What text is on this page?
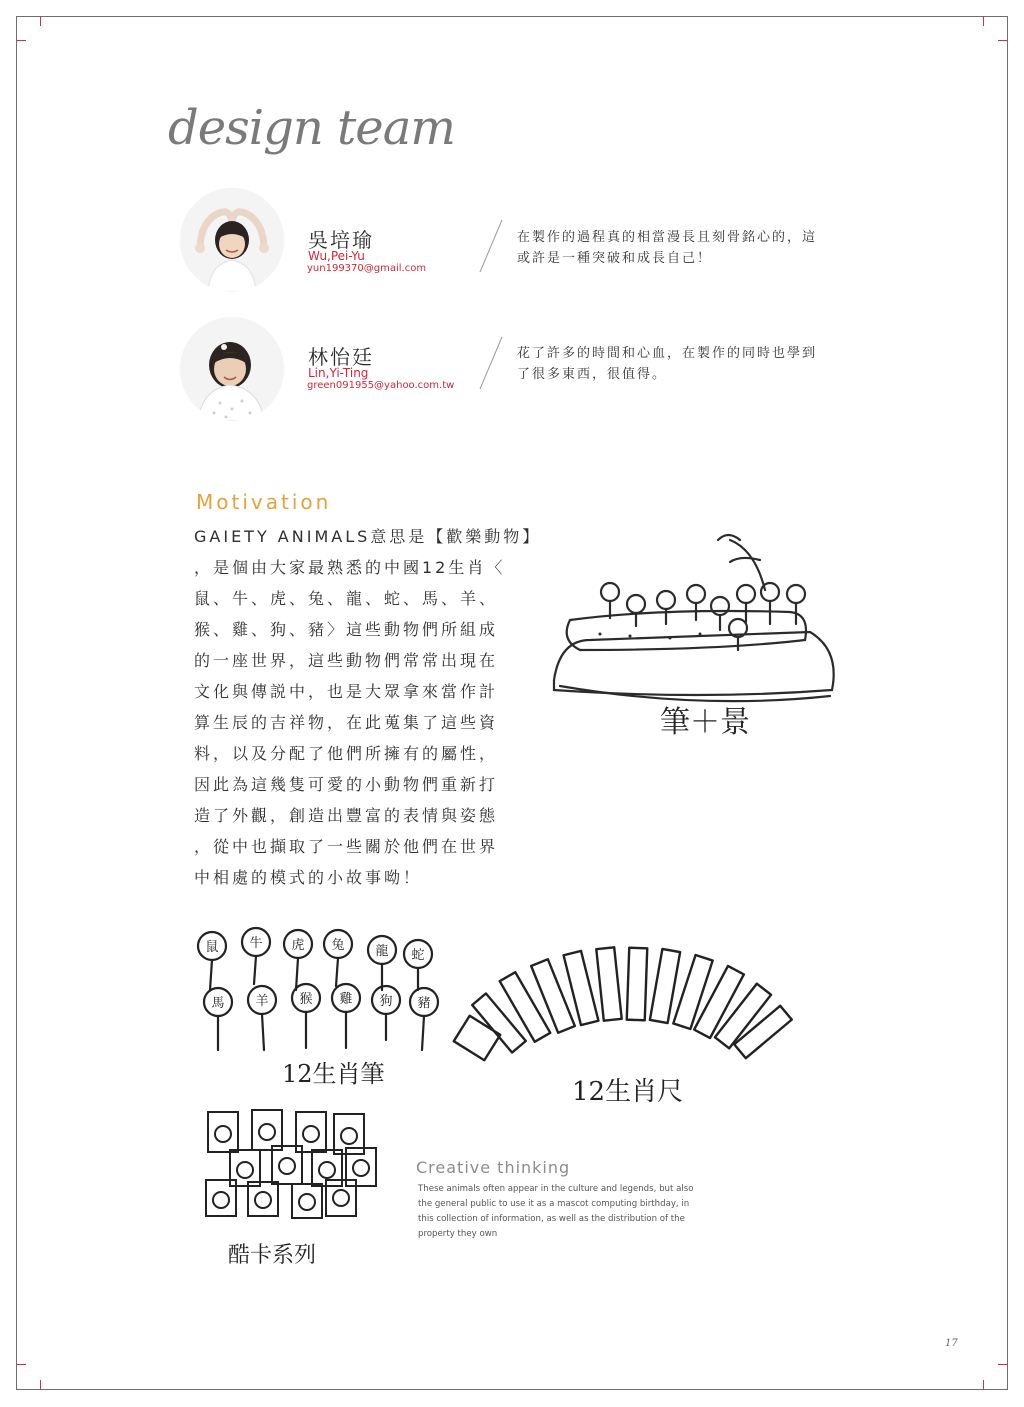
design team
吳培瑜
Wu,Pei-Yu
yun199370@gmail.com
在製作的過程真的相當漫長且刻骨銘心的，這
或許是一種突破和成長自己！
林怡廷
Lin,Yi-Ting
green091955@yahoo.com.tw
花了許多的時間和心血，在製作的同時也學到
了很多東西，很值得。
Motivation
GAIETY ANIMALS意思是【歡樂動物】
，是個由大家最熟悉的中國12生肖〈
鼠、牛、虎、兔、龍、蛇、馬、羊、
猴、雞、狗、豬〉這些動物們所組成
的一座世界，這些動物們常常出現在
文化與傳説中，也是大眾拿來當作計
算生辰的吉祥物，在此蒐集了這些資
料，以及分配了他們所擁有的屬性，
因此為這幾隻可愛的小動物們重新打
造了外觀，創造出豐富的表情與姿態
，從中也擷取了一些關於他們在世界
中相處的模式的小故事呦！
筆＋景
鼠 牛 虎 兔 龍 蛇
馬 羊 猴 雞 狗 豬
12生肖筆
12生肖尺
酷卡系列
Creative thinking
These animals often appear in the culture and legends, but also
the general public to use it as a mascot computing birthday, in
this collection of information, as well as the distribution of the
property they own
17
